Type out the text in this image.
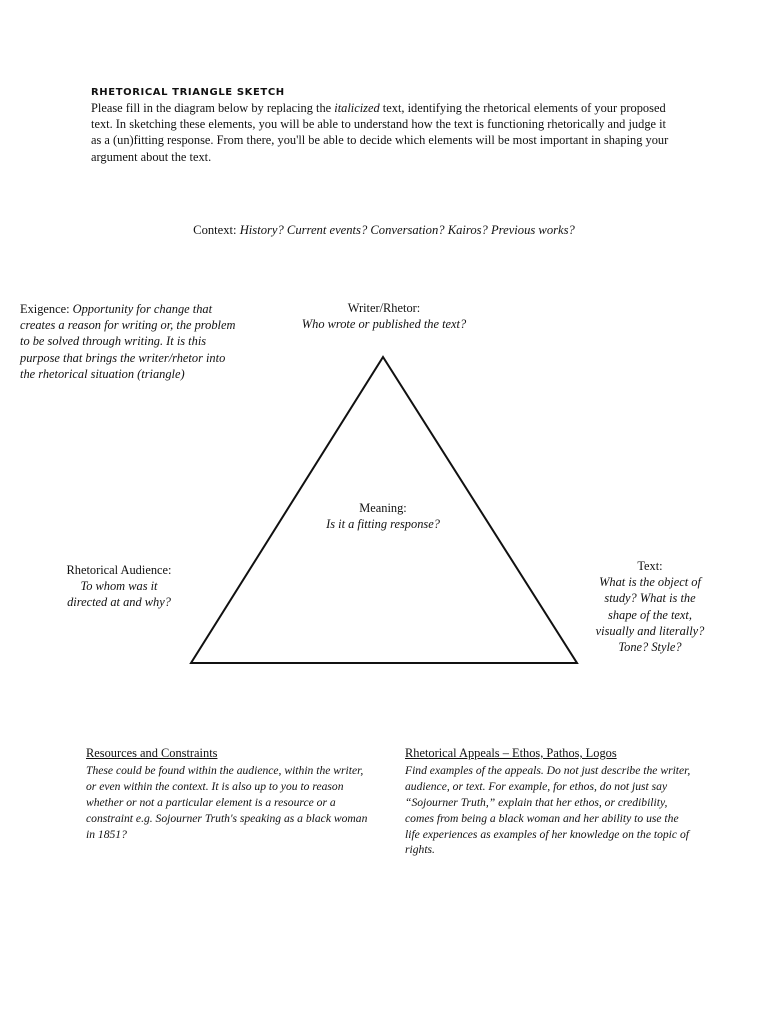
RHETORICAL TRIANGLE SKETCH
Please fill in the diagram below by replacing the italicized text, identifying the rhetorical elements of your proposed text. In sketching these elements, you will be able to understand how the text is functioning rhetorically and judge it as a (un)fitting response. From there, you'll be able to decide which elements will be most important in shaping your argument about the text.
Context: History? Current events? Conversation? Kairos? Previous works?
Exigence: Opportunity for change that creates a reason for writing or, the problem to be solved through writing. It is this purpose that brings the writer/rhetor into the rhetorical situation (triangle)
Writer/Rhetor:
Who wrote or published the text?
Meaning:
Is it a fitting response?
Rhetorical Audience:
To whom was it directed at and why?
Text:
What is the object of study? What is the shape of the text, visually and literally? Tone? Style?
Resources and Constraints
These could be found within the audience, within the writer, or even within the context. It is also up to you to reason whether or not a particular element is a resource or a constraint e.g. Sojourner Truth's speaking as a black woman in 1851?
Rhetorical Appeals – Ethos, Pathos, Logos
Find examples of the appeals. Do not just describe the writer, audience, or text. For example, for ethos, do not just say “Sojourner Truth,” explain that her ethos, or credibility, comes from being a black woman and her ability to use the life experiences as examples of her knowledge on the topic of rights.
